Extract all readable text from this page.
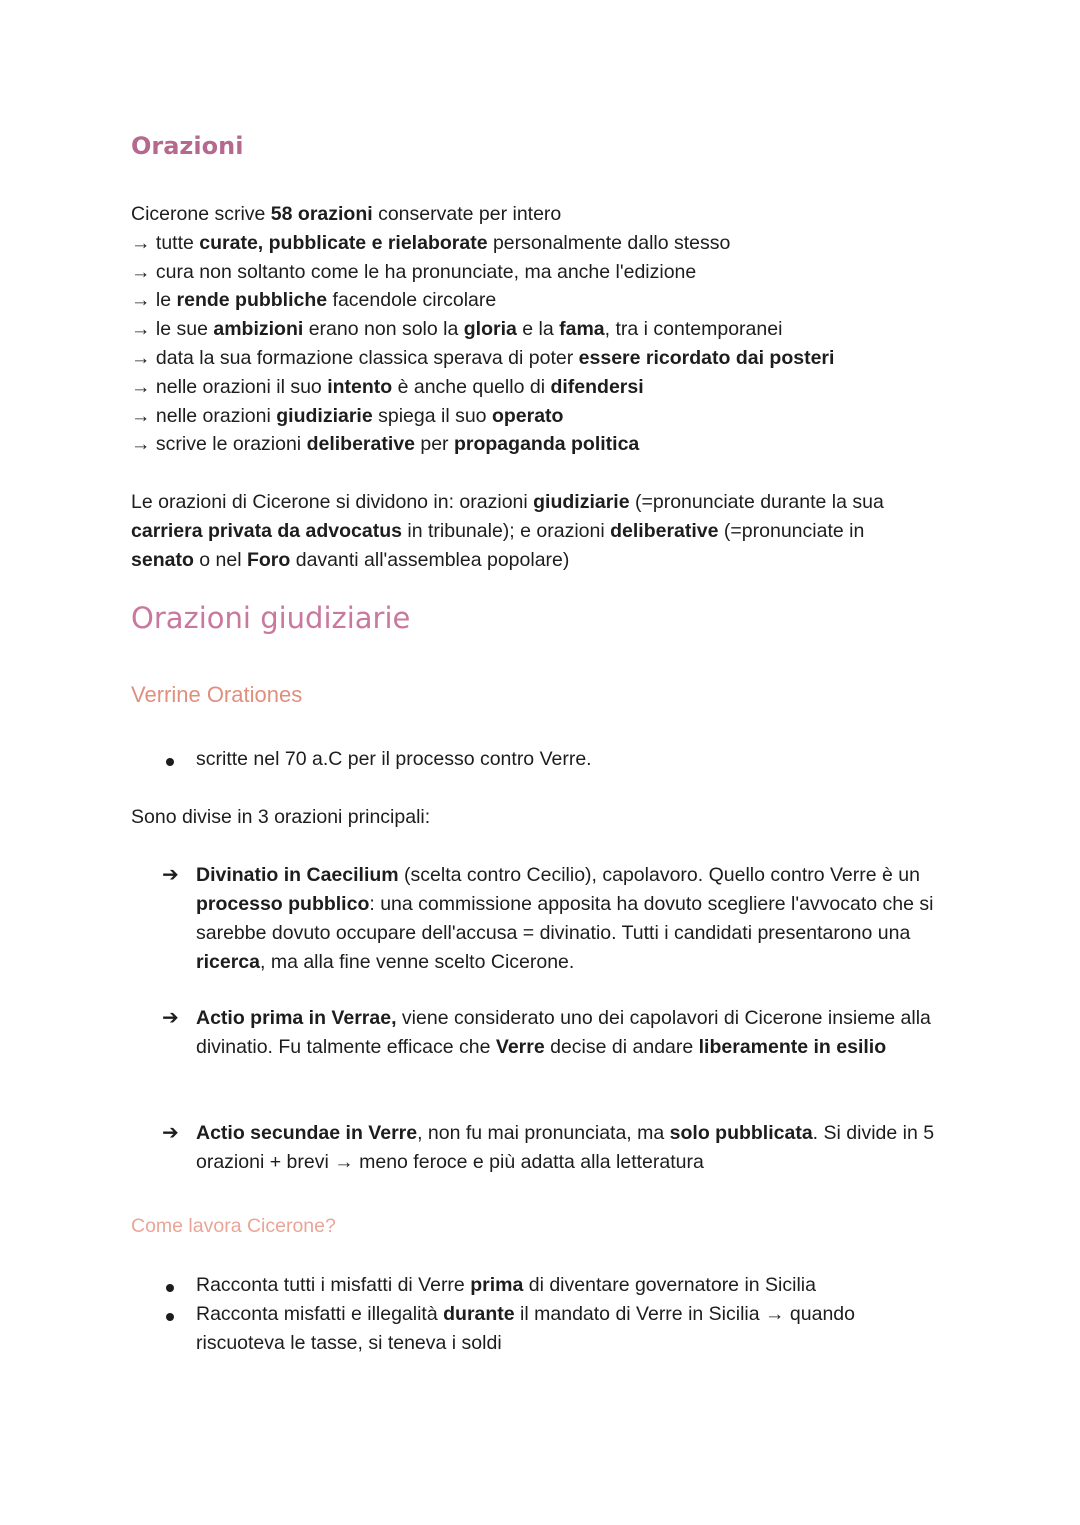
Orazioni
Cicerone scrive 58 orazioni conservate per intero
→ tutte curate, pubblicate e rielaborate personalmente dallo stesso
→ cura non soltanto come le ha pronunciate, ma anche l'edizione
→ le rende pubbliche facendole circolare
→ le sue ambizioni erano non solo la gloria e la fama, tra i contemporanei
→ data la sua formazione classica sperava di poter essere ricordato dai posteri
→ nelle orazioni il suo intento è anche quello di difendersi
→ nelle orazioni giudiziarie spiega il suo operato
→ scrive le orazioni deliberative per propaganda politica
Le orazioni di Cicerone si dividono in: orazioni giudiziarie (=pronunciate durante la sua carriera privata da advocatus in tribunale); e orazioni deliberative (=pronunciate in senato o nel Foro davanti all'assemblea popolare)
Orazioni giudiziarie
Verrine Orationes
scritte nel 70 a.C per il processo contro Verre.
Sono divise in 3 orazioni principali:
➔ Divinatio in Caecilium (scelta contro Cecilio), capolavoro. Quello contro Verre è un processo pubblico: una commissione apposita ha dovuto scegliere l'avvocato che si sarebbe dovuto occupare dell'accusa = divinatio. Tutti i candidati presentarono una ricerca, ma alla fine venne scelto Cicerone.
➔ Actio prima in Verrae, viene considerato uno dei capolavori di Cicerone insieme alla divinatio. Fu talmente efficace che Verre decise di andare liberamente in esilio
➔ Actio secundae in Verre, non fu mai pronunciata, ma solo pubblicata. Si divide in 5 orazioni + brevi → meno feroce e più adatta alla letteratura
Come lavora Cicerone?
Racconta tutti i misfatti di Verre prima di diventare governatore in Sicilia
Racconta misfatti e illegalità durante il mandato di Verre in Sicilia → quando riscuoteva le tasse, si teneva i soldi
